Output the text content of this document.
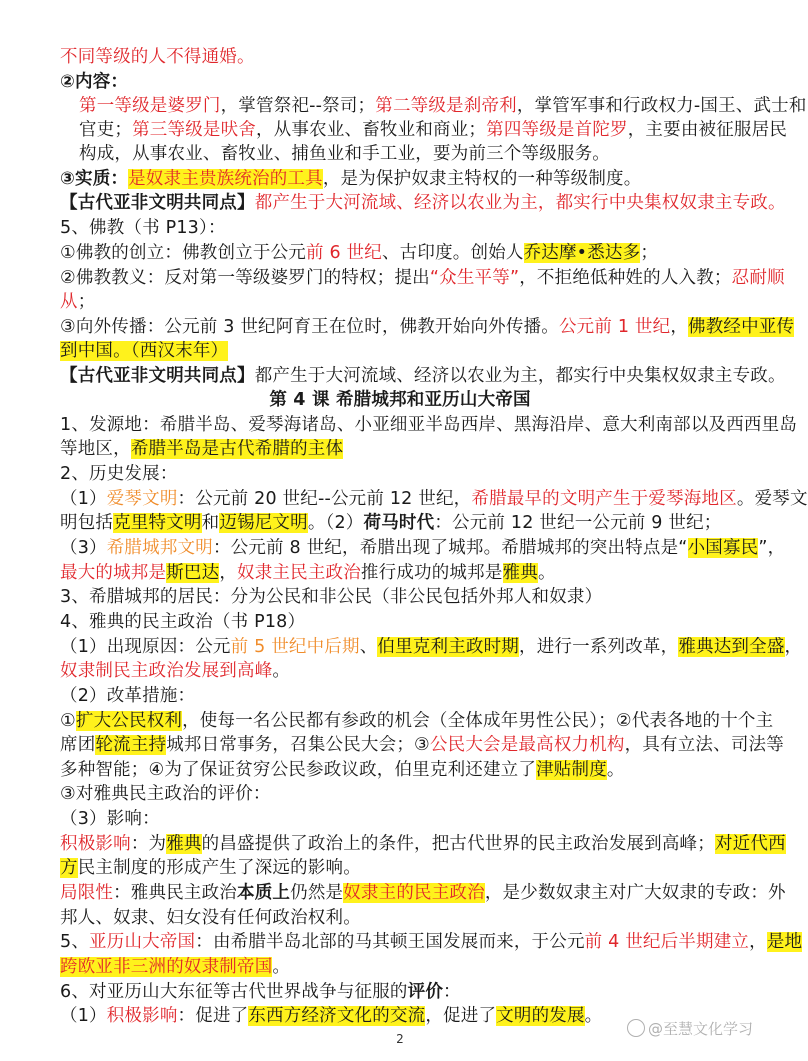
不同等级的人不得通婚。
②内容：
第一等级是婆罗门，掌管祭祀--祭司；第二等级是刹帝利，掌管军事和行政权力-国王、武士和
官吏；第三等级是吠舍，从事农业、畜牧业和商业；第四等级是首陀罗，主要由被征服居民
构成，从事农业、畜牧业、捕鱼业和手工业，要为前三个等级服务。
③实质：是奴隶主贵族统治的工具，是为保护奴隶主特权的一种等级制度。
【古代亚非文明共同点】都产生于大河流域、经济以农业为主，都实行中央集权奴隶主专政。
5、佛教（书 P13）：
①佛教的创立：佛教创立于公元前 6 世纪、古印度。创始人乔达摩•悉达多；
②佛教教义：反对第一等级婆罗门的特权；提出“众生平等”，不拒绝低种姓的人入教；忍耐顺
从；
③向外传播：公元前 3 世纪阿育王在位时，佛教开始向外传播。公元前 1 世纪，佛教经中亚传
到中国。（西汉末年）
【古代亚非文明共同点】都产生于大河流域、经济以农业为主，都实行中央集权奴隶主专政。
第 4 课 希腊城邦和亚历山大帝国
1、发源地：希腊半岛、爱琴海诸岛、小亚细亚半岛西岸、黑海沿岸、意大利南部以及西西里岛
等地区，希腊半岛是古代希腊的主体
2、历史发展：
（1）爱琴文明：公元前 20 世纪--公元前 12 世纪，希腊最早的文明产生于爱琴海地区。爱琴文
明包括克里特文明和迈锡尼文明。（2）荷马时代：公元前 12 世纪一公元前 9 世纪；
（3）希腊城邦文明：公元前 8 世纪，希腊出现了城邦。希腊城邦的突出特点是“小国寡民”，
最大的城邦是斯巴达，奴隶主民主政治推行成功的城邦是雅典。
3、希腊城邦的居民：分为公民和非公民（非公民包括外邦人和奴隶）
4、雅典的民主政治（书 P18）
（1）出现原因：公元前 5 世纪中后期、伯里克利主政时期，进行一系列改革，雅典达到全盛，
奴隶制民主政治发展到高峰。
（2）改革措施：
①扩大公民权利，使每一名公民都有参政的机会（全体成年男性公民）；②代表各地的十个主
席团轮流主持城邦日常事务，召集公民大会；③公民大会是最高权力机构，具有立法、司法等
多种智能；④为了保证贫穷公民参政议政，伯里克利还建立了津贴制度。
③对雅典民主政治的评价：
（3）影响：
积极影响：为雅典的昌盛提供了政治上的条件，把古代世界的民主政治发展到高峰；对近代西
方民主制度的形成产生了深远的影响。
局限性：雅典民主政治本质上仍然是奴隶主的民主政治，是少数奴隶主对广大奴隶的专政：外
邦人、奴隶、妇女没有任何政治权利。
5、亚历山大帝国：由希腊半岛北部的马其顿王国发展而来，于公元前 4 世纪后半期建立，是地
跨欧亚非三洲的奴隶制帝国。
6、对亚历山大东征等古代世界战争与征服的评价：
（1）积极影响：促进了东西方经济文化的交流，促进了文明的发展。
@至慧文化学习
2
